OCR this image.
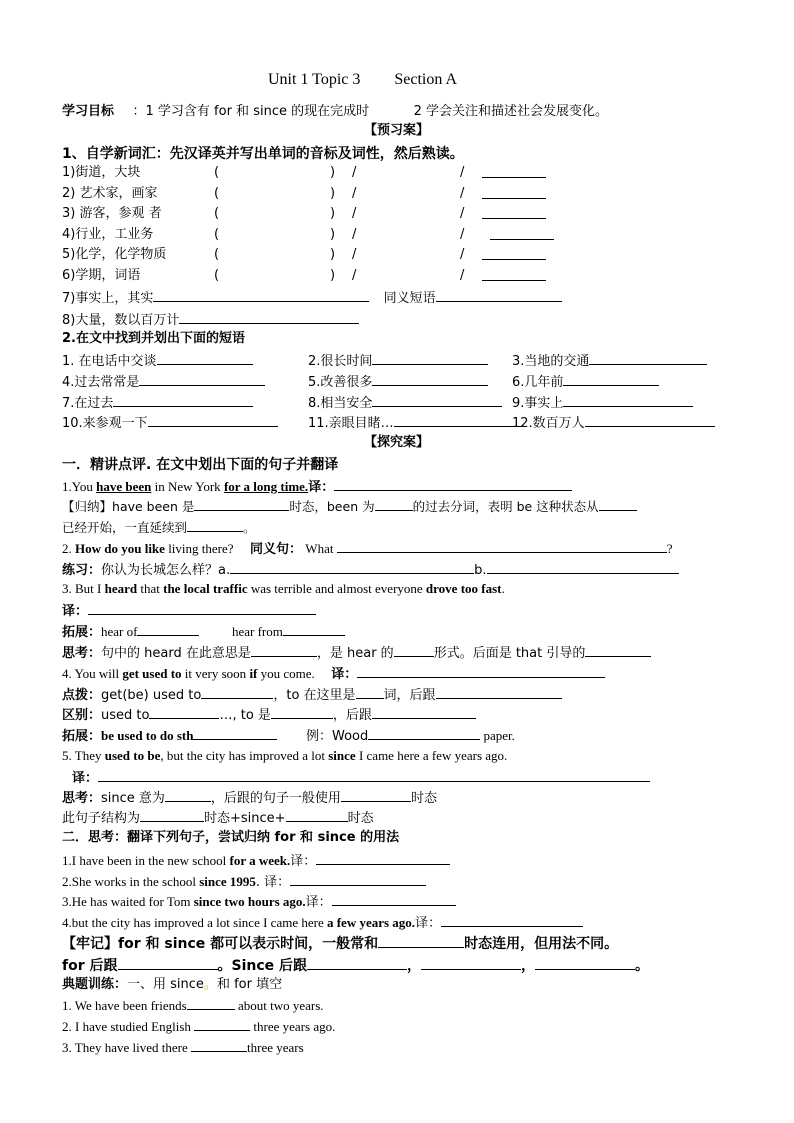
Unit 1 Topic 3 Section A
学习目标 ：1 学习含有 for 和 since 的现在完成时	2 学会关注和描述社会发展变化。
【预习案】
1、自学新词汇：先汉译英并写出单词的音标及词性，然后熟读。
1)街道，大块	(	) /	/
2) 艺术家，画家	(	) /	/
3) 游客，参观 者	(	) /	/
4)行业，工业务	(	) /	/
5)化学，化学物质	(	) /	/
6)学期，词语	(	) /	/
7)事实上，其实	同义短语
8)大量，数以百万计
2.在文中找到并划出下面的短语
1. 在电话中交谈	2.很长时间	3.当地的交通
4.过去常常是	5.改善很多	6.几年前
7.在过去	8.相当安全	9.事实上
10.来参观一下	11.亲眼目睹…	12.数百万人
【探究案】
一．精讲点评. 在文中划出下面的句子并翻译
1.You have been in New York for a long time.译：
【归纳】have been 是	时态，been 为	的过去分词，表明 be 这种状态从
已经开始，一直延续到	。
2. How do you like living there? 同义句： What	?
练习：你认为长城怎么样？a.	b.
3. But I heard that the local traffic was terrible and almost everyone drove too fast.
译：
拓展：hear of	hear from
思考：句中的 heard 在此意思是	，是 hear 的	形式。后面是 that 引导的
4. You will get used to it very soon if you come. 译：
点拨：get(be) used to	，to 在这里是 词，后跟
区别：used to	…, to 是	，后跟
拓展：be used to do sth	例：Wood	paper.
5. They used to be, but the city has improved a lot since I came here a few years ago.
译：
思考：since 意为	，后跟的句子一般使用	时态
此句子结构为	时态+since+	时态
二．思考：翻译下列句子，尝试归纳 for 和 since 的用法
1.I have been in the new school for a week.译：
2.She works in the school since 1995. 译：
3.He has waited for Tom since two hours ago.译：
4.but the city has improved a lot since I came here a few years ago.译：
【牢记】for 和 since 都可以表示时间，一般常和	时态连用，但用法不同。
for 后跟	。Since 后跟	，	，	。
典题训练：一、用 since。和 for 填空
1. We have been friends	about two years.
2. I have studied English	three years ago.
3. They have lived there	three years
